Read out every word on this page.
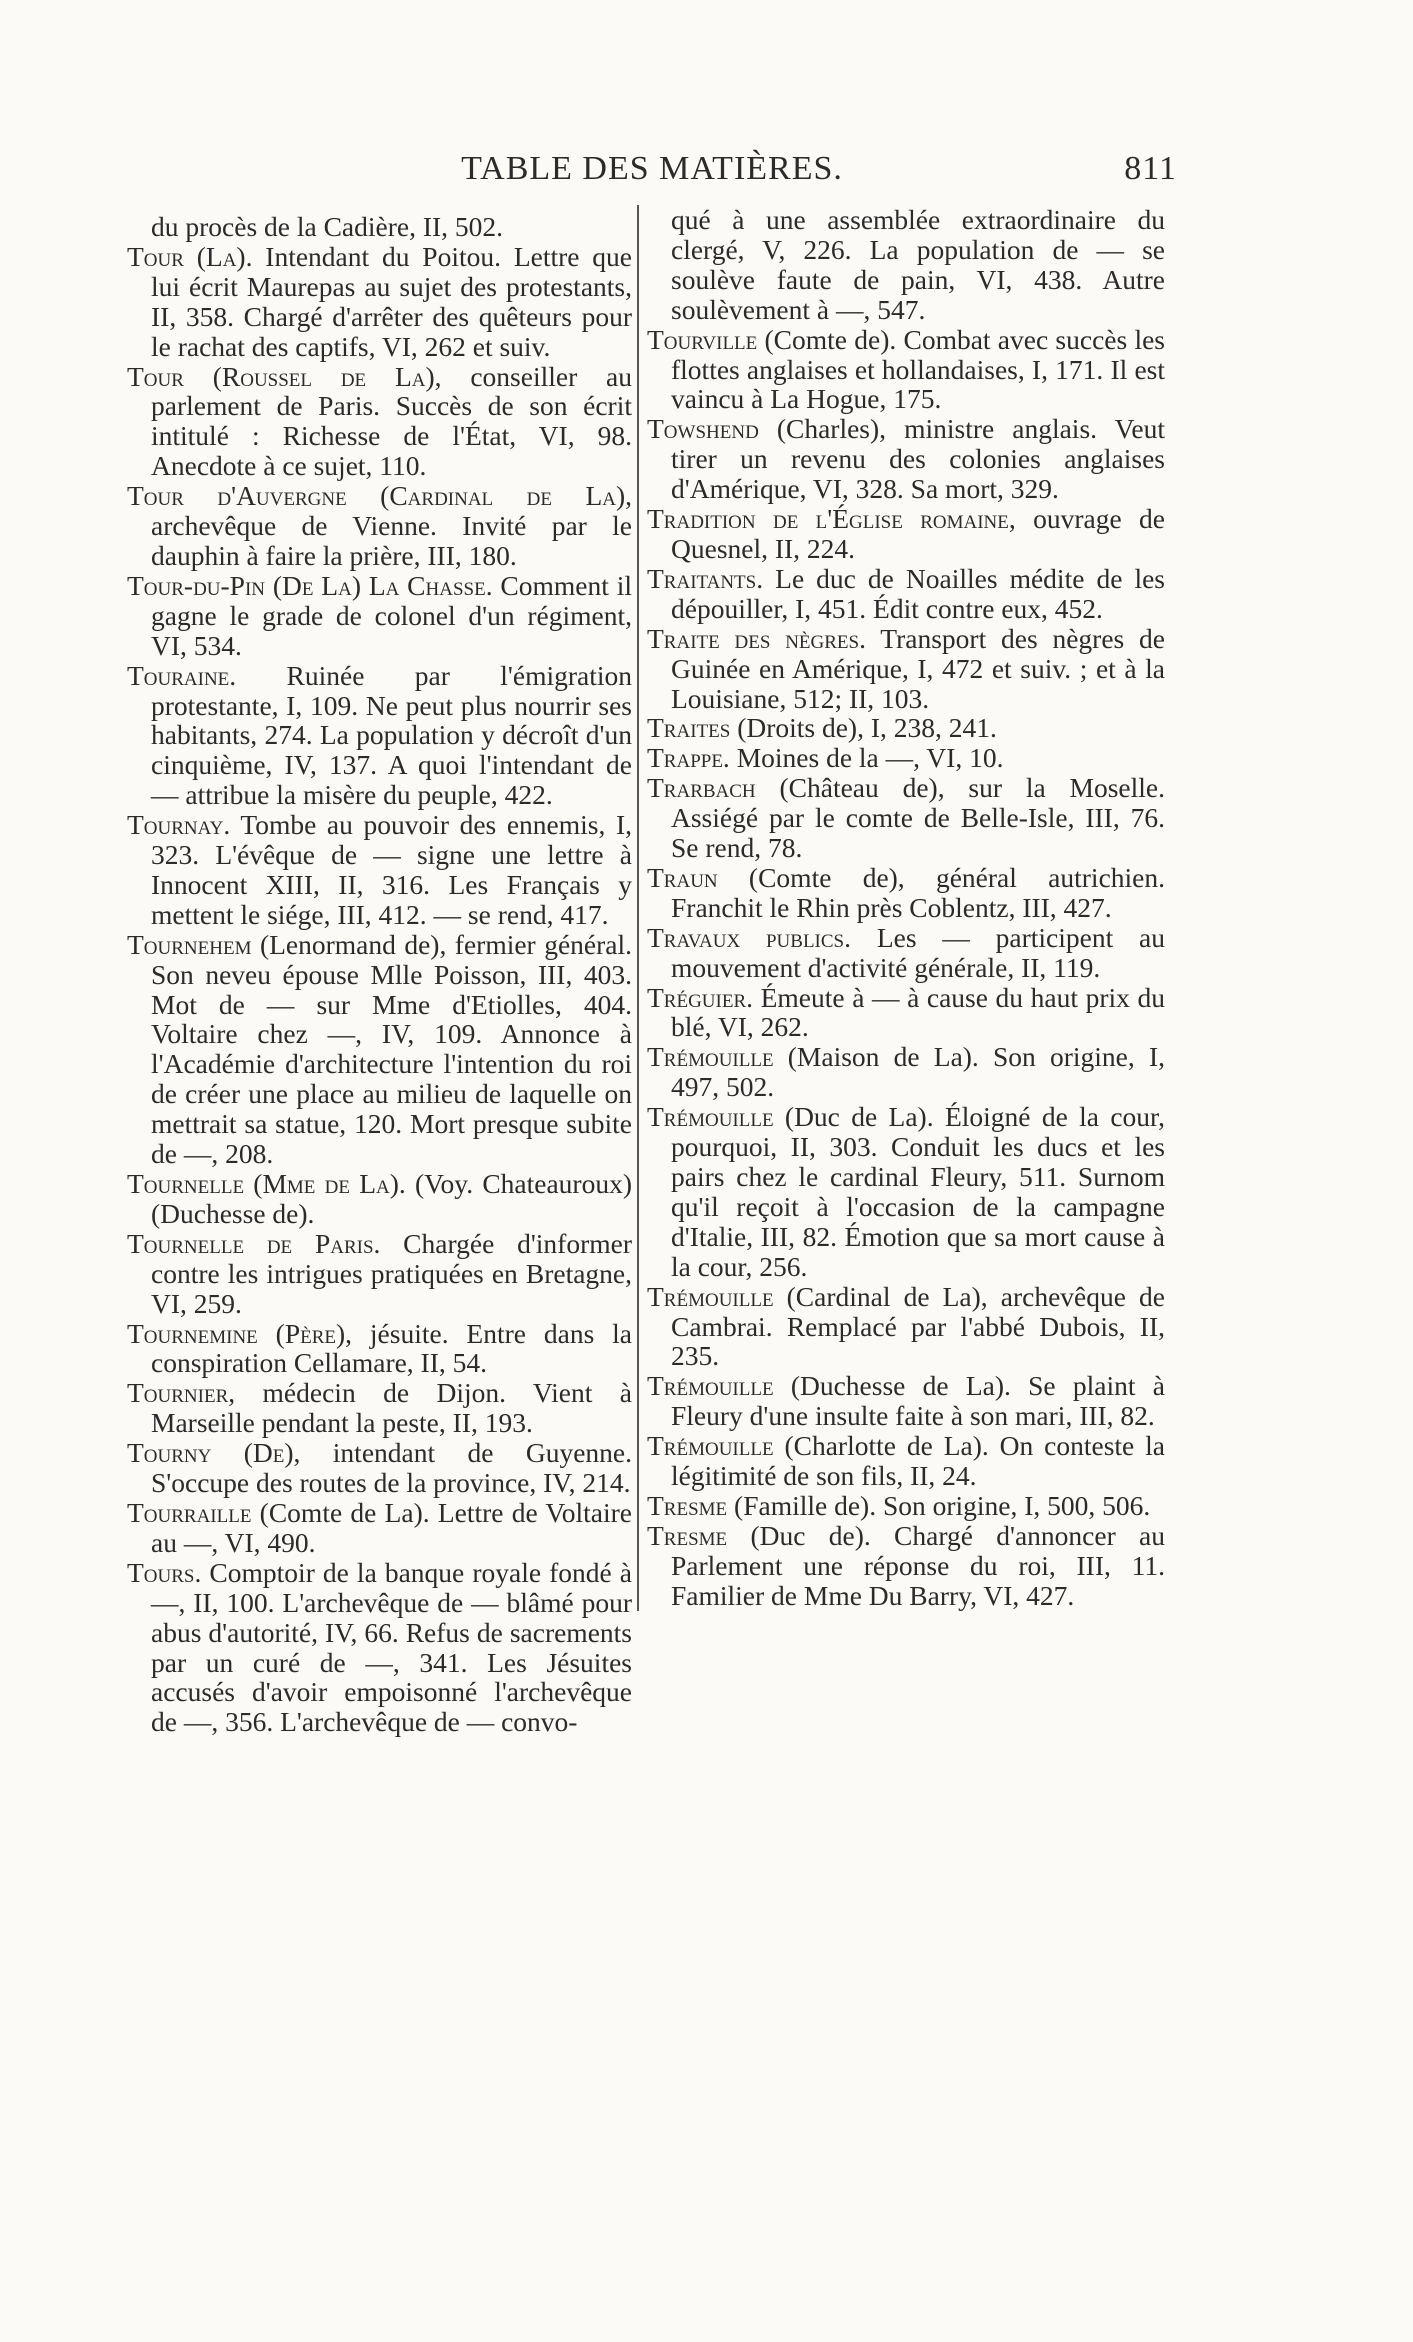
TABLE DES MATIÈRES.	811

du procès de la Cadière, II, 502.

Tour (La). Intendant du Poitou. Lettre que lui écrit Maurepas au sujet des protestants, II, 358. Chargé d'arrêter des quêteurs pour le rachat des captifs, VI, 262 et suiv.

Tour (Roussel de La), conseiller au parlement de Paris. Succès de son écrit intitulé : Richesse de l'État, VI, 98. Anecdote à ce sujet, 110.

Tour d'Auvergne (Cardinal de La), archevêque de Vienne. Invité par le dauphin à faire la prière, III, 180.

Tour-du-Pin (De La) La Chasse. Comment il gagne le grade de colonel d'un régiment, VI, 534.

Touraine. Ruinée par l'émigration protestante, I, 109. Ne peut plus nourrir ses habitants, 274. La population y décroît d'un cinquième, IV, 137. A quoi l'intendant de — attribue la misère du peuple, 422.

Tournay. Tombe au pouvoir des ennemis, I, 323. L'évêque de — signe une lettre à Innocent XIII, II, 316. Les Français y mettent le siége, III, 412. — se rend, 417.

Tournehem (Lenormand de), fermier général. Son neveu épouse Mlle Poisson, III, 403. Mot de — sur Mme d'Etiolles, 404. Voltaire chez —, IV, 109. Annonce à l'Académie d'architecture l'intention du roi de créer une place au milieu de laquelle on mettrait sa statue, 120. Mort presque subite de —, 208.

Tournelle (Mme de La). (Voy. Chateauroux) (Duchesse de).

Tournelle de Paris. Chargée d'informer contre les intrigues pratiquées en Bretagne, VI, 259.

Tournemine (Père), jésuite. Entre dans la conspiration Cellamare, II, 54.

Tournier, médecin de Dijon. Vient à Marseille pendant la peste, II, 193.

Tourny (De), intendant de Guyenne. S'occupe des routes de la province, IV, 214.

Tourraille (Comte de La). Lettre de Voltaire au —, VI, 490.

Tours. Comptoir de la banque royale fondé à —, II, 100. L'archevêque de — blâmé pour abus d'autorité, IV, 66. Refus de sacrements par un curé de —, 341. Les Jésuites accusés d'avoir empoisonné l'archevêque de —, 356. L'archevêque de — convo-

qué à une assemblée extraordinaire du clergé, V, 226. La population de — se soulève faute de pain, VI, 438. Autre soulèvement à —, 547.

Tourville (Comte de). Combat avec succès les flottes anglaises et hollandaises, I, 171. Il est vaincu à La Hogue, 175.

Towshend (Charles), ministre anglais. Veut tirer un revenu des colonies anglaises d'Amérique, VI, 328. Sa mort, 329.

Tradition de l'Église romaine, ouvrage de Quesnel, II, 224.

Traitants. Le duc de Noailles médite de les dépouiller, I, 451. Édit contre eux, 452.

Traite des nègres. Transport des nègres de Guinée en Amérique, I, 472 et suiv. ; et à la Louisiane, 512; II, 103.

Traites (Droits de), I, 238, 241.

Trappe. Moines de la —, VI, 10.

Trarbach (Château de), sur la Moselle. Assiégé par le comte de Belle-Isle, III, 76. Se rend, 78.

Traun (Comte de), général autrichien. Franchit le Rhin près Coblentz, III, 427.

Travaux publics. Les — participent au mouvement d'activité générale, II, 119.

Tréguier. Émeute à — à cause du haut prix du blé, VI, 262.

Trémouille (Maison de La). Son origine, I, 497, 502.

Trémouille (Duc de La). Éloigné de la cour, pourquoi, II, 303. Conduit les ducs et les pairs chez le cardinal Fleury, 511. Surnom qu'il reçoit à l'occasion de la campagne d'Italie, III, 82. Émotion que sa mort cause à la cour, 256.

Trémouille (Cardinal de La), archevêque de Cambrai. Remplacé par l'abbé Dubois, II, 235.

Trémouille (Duchesse de La). Se plaint à Fleury d'une insulte faite à son mari, III, 82.

Trémouille (Charlotte de La). On conteste la légitimité de son fils, II, 24.

Tresme (Famille de). Son origine, I, 500, 506.

Tresme (Duc de). Chargé d'annoncer au Parlement une réponse du roi, III, 11. Familier de Mme Du Barry, VI, 427.
